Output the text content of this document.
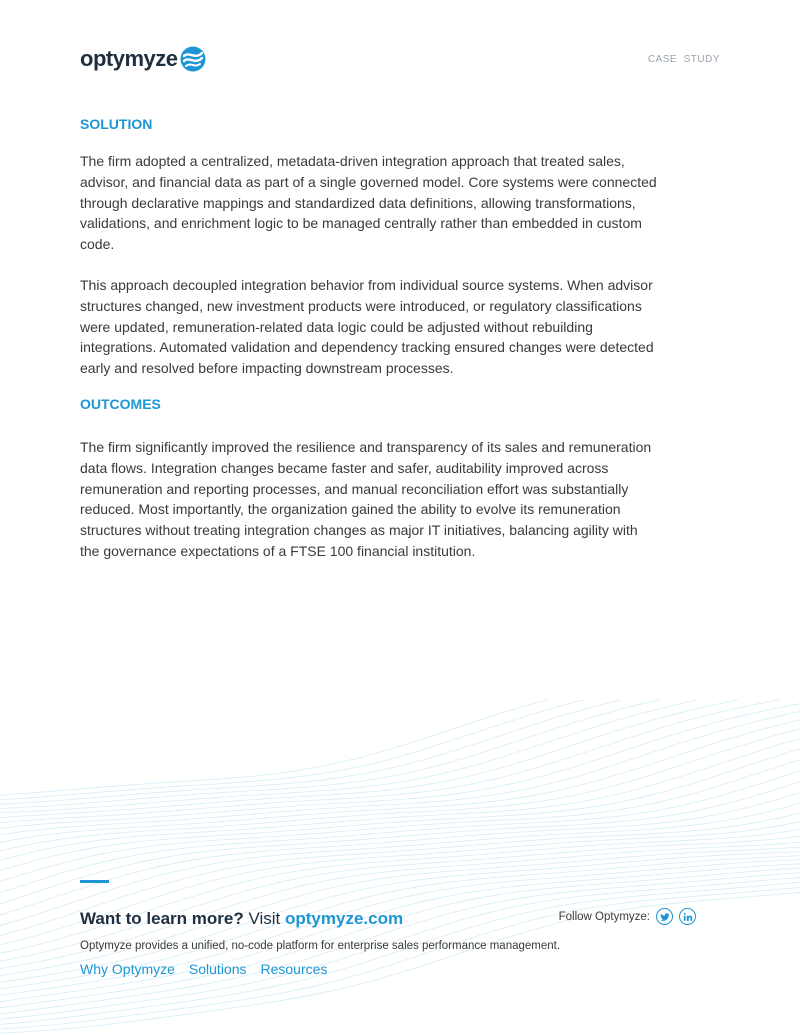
optymyze	CASE  STUDY
SOLUTION

The firm adopted a centralized, metadata-driven integration approach that treated sales, advisor, and financial data as part of a single governed model. Core systems were connected through declarative mappings and standardized data definitions, allowing transformations, validations, and enrichment logic to be managed centrally rather than embedded in custom code.

This approach decoupled integration behavior from individual source systems. When advisor structures changed, new investment products were introduced, or regulatory classifications were updated, remuneration-related data logic could be adjusted without rebuilding integrations. Automated validation and dependency tracking ensured changes were detected early and resolved before impacting downstream processes.

OUTCOMES

The firm significantly improved the resilience and transparency of its sales and remuneration data flows. Integration changes became faster and safer, auditability improved across remuneration and reporting processes, and manual reconciliation effort was substantially reduced. Most importantly, the organization gained the ability to evolve its remuneration structures without treating integration changes as major IT initiatives, balancing agility with the governance expectations of a FTSE 100 financial institution.

Want to learn more? Visit optymyze.com	Follow Optymyze:
Optymyze provides a unified, no-code platform for enterprise sales performance management.
Why Optymyze Solutions Resources
